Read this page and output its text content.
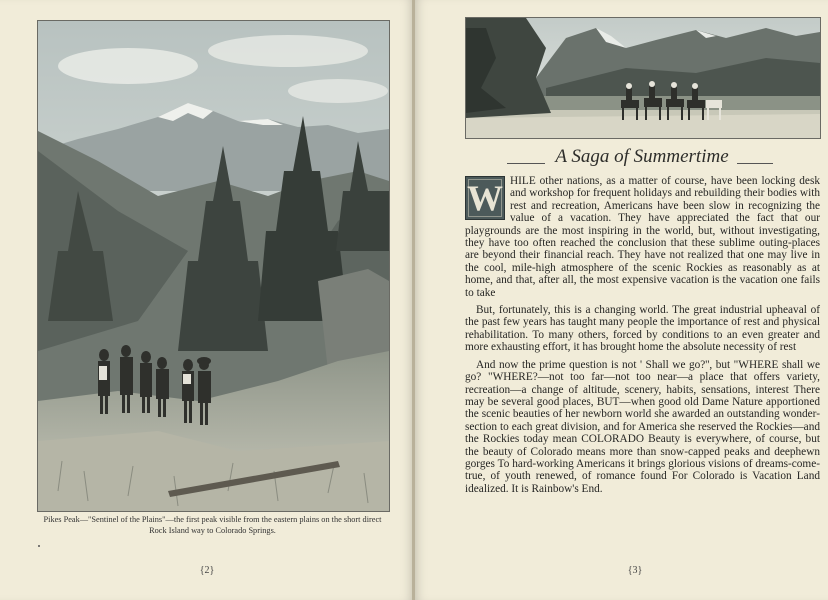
Pikes Peak—"Sentinel of the Plains"—the first peak visible from the eastern plains on the short direct Rock Island way to Colorado Springs.
{2}
A Saga of Summertime

W HILE other nations, as a matter of course, have been locking desk and workshop for frequent holidays and rebuilding their bodies with rest and recreation, Americans have been slow in recognizing the value of a vacation. They have appreciated the fact that our playgrounds are the most inspiring in the world, but, without investigating, they have too often reached the conclusion that these sublime outing-places are beyond their financial reach. They have not realized that one may live in the cool, mile-high atmosphere of the scenic Rockies as reasonably as at home, and that, after all, the most expensive vacation is the vacation one fails to take

But, fortunately, this is a changing world. The great industrial upheaval of the past few years has taught many people the importance of rest and physical rehabilitation. To many others, forced by conditions to an even greater and more exhausting effort, it has brought home the absolute necessity of rest

And now the prime question is not ' Shall we go?'', but "WHERE shall we go? "WHERE?—not too far—not too near—a place that offers variety, recreation—a change of altitude, scenery, habits, sensations, interest There may be several good places, BUT—when good old Dame Nature apportioned the scenic beauties of her newborn world she awarded an outstanding wonder-section to each great division, and for America she reserved the Rockies—and the Rockies today mean COLORADO Beauty is everywhere, of course, but the beauty of Colorado means more than snow-capped peaks and deephewn gorges To hard-working Americans it brings glorious visions of dreams-come-true, of youth renewed, of romance found For Colorado is Vacation Land idealized. It is Rainbow's End.

{3}
